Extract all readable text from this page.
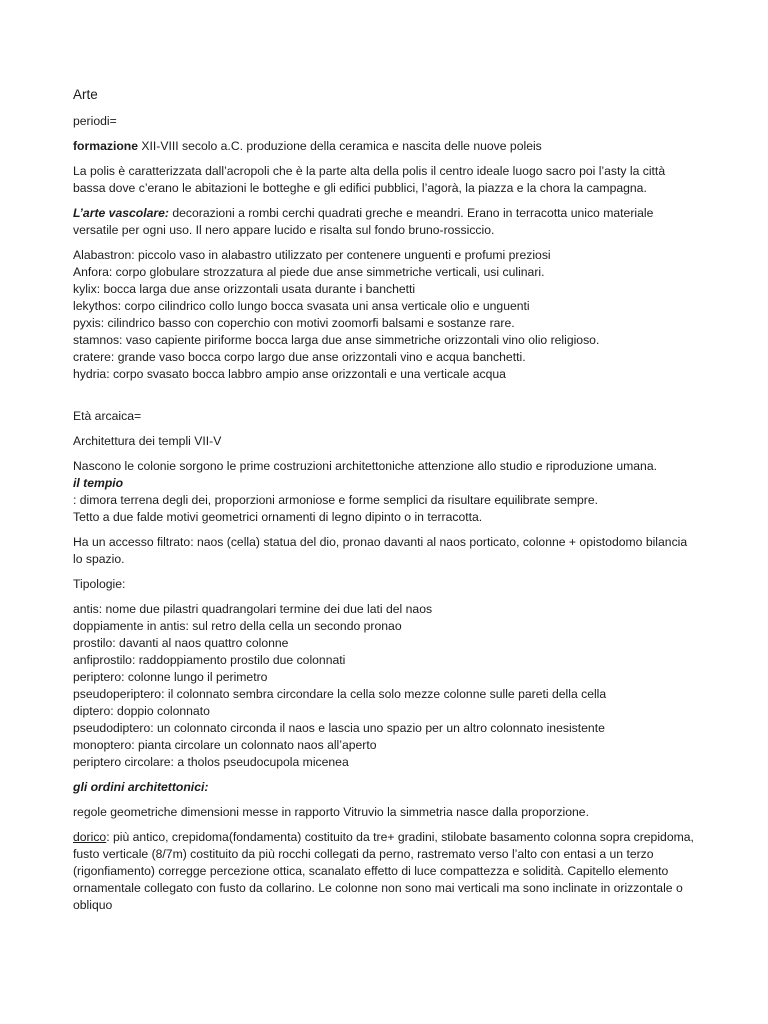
Arte

periodi=

formazione XII-VIII secolo a.C. produzione della ceramica e nascita delle nuove poleis

La polis è caratterizzata dall’acropoli che è la parte alta della polis il centro ideale luogo sacro poi l’asty la città bassa dove c’erano le abitazioni le botteghe e gli edifici pubblici, l’agorà, la piazza e la chora la campagna.

L’arte vascolare: decorazioni a rombi cerchi quadrati greche e meandri. Erano in terracotta unico materiale versatile per ogni uso. Il nero appare lucido e risalta sul fondo bruno-rossiccio.

Alabastron: piccolo vaso in alabastro utilizzato per contenere unguenti e profumi preziosi
Anfora: corpo globulare strozzatura al piede due anse simmetriche verticali, usi culinari.
kylix: bocca larga due anse orizzontali usata durante i banchetti
lekythos: corpo cilindrico collo lungo bocca svasata uni ansa verticale olio e unguenti
pyxis: cilindrico basso con coperchio con motivi zoomorfi balsami e sostanze rare.
stamnos: vaso capiente piriforme bocca larga due anse simmetriche orizzontali vino olio religioso.
cratere: grande vaso bocca corpo largo due anse orizzontali vino e acqua banchetti.
hydria: corpo svasato bocca labbro ampio anse orizzontali e una verticale acqua

Età arcaica=

Architettura dei templi VII-V

Nascono le colonie sorgono le prime costruzioni architettoniche attenzione allo studio e riproduzione umana.
il tempio
: dimora terrena degli dei, proporzioni armoniose e forme semplici da risultare equilibrate sempre.
Tetto a due falde motivi geometrici ornamenti di legno dipinto o in terracotta.

Ha un accesso filtrato: naos (cella) statua del dio, pronao davanti al naos porticato, colonne + opistodomo bilancia lo spazio.

Tipologie:

antis: nome due pilastri quadrangolari termine dei due lati del naos
doppiamente in antis: sul retro della cella un secondo pronao
prostilo: davanti al naos quattro colonne
anfiprostilo: raddoppiamento prostilo due colonnati
periptero: colonne lungo il perimetro
pseudoperiptero: il colonnato sembra circondare la cella solo mezze colonne sulle pareti della cella
diptero: doppio colonnato
pseudodiptero: un colonnato circonda il naos e lascia uno spazio per un altro colonnato inesistente
monoptero: pianta circolare un colonnato naos all’aperto
periptero circolare: a tholos pseudocupola micenea

gli ordini architettonici:

regole geometriche dimensioni messe in rapporto Vitruvio la simmetria nasce dalla proporzione.

dorico: più antico, crepidoma(fondamenta) costituito da tre+ gradini, stilobate basamento colonna sopra crepidoma, fusto verticale (8/7m) costituito da più rocchi collegati da perno, rastremato verso l’alto con entasi a un terzo (rigonfiamento) corregge percezione ottica, scanalato effetto di luce compattezza e solidità. Capitello elemento ornamentale collegato con fusto da collarino. Le colonne non sono mai verticali ma sono inclinate in orizzontale o obliquo
